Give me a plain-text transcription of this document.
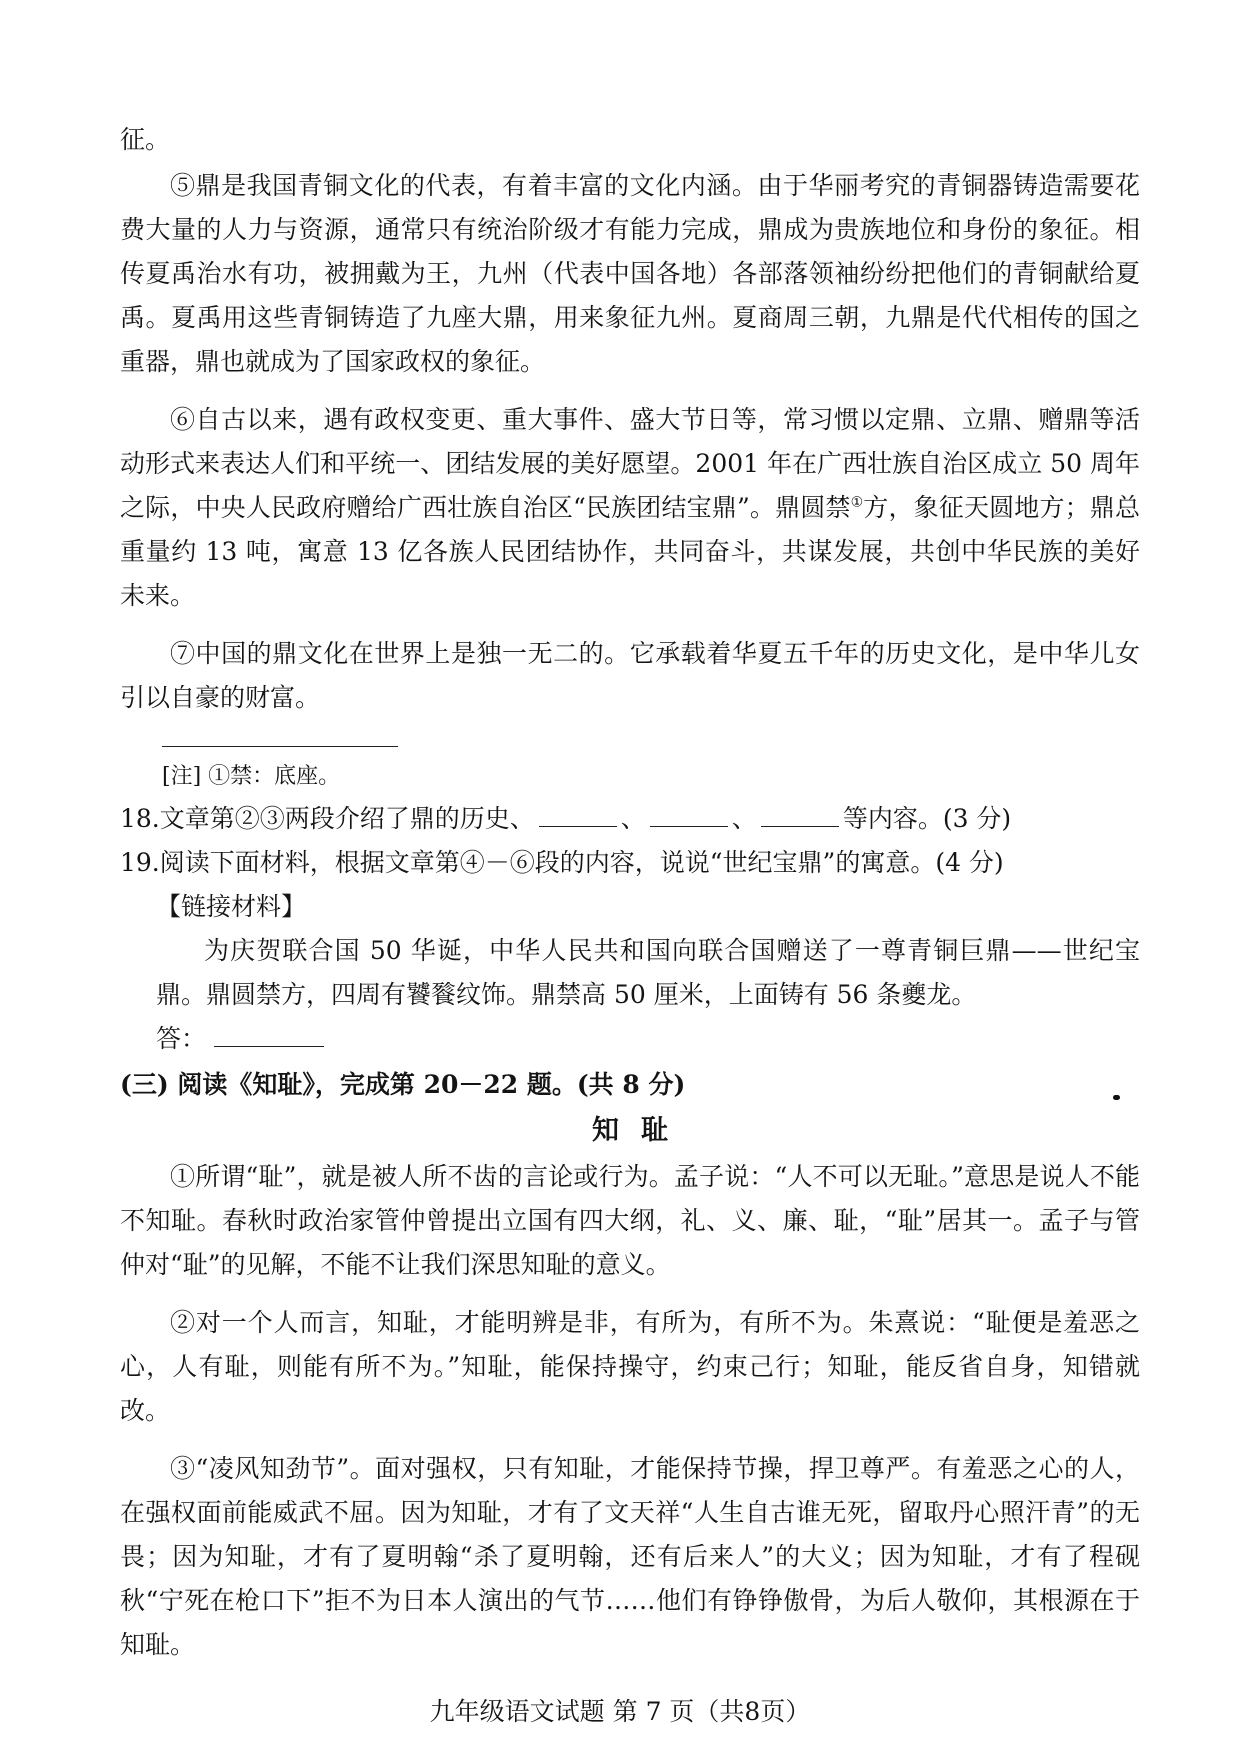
征。

⑤鼎是我国青铜文化的代表，有着丰富的文化内涵。由于华丽考究的青铜器铸造需要花费大量的人力与资源，通常只有统治阶级才有能力完成，鼎成为贵族地位和身份的象征。相传夏禹治水有功，被拥戴为王，九州（代表中国各地）各部落领袖纷纷把他们的青铜献给夏禹。夏禹用这些青铜铸造了九座大鼎，用来象征九州。夏商周三朝，九鼎是代代相传的国之重器，鼎也就成为了国家政权的象征。

⑥自古以来，遇有政权变更、重大事件、盛大节日等，常习惯以定鼎、立鼎、赠鼎等活动形式来表达人们和平统一、团结发展的美好愿望。2001 年在广西壮族自治区成立 50 周年之际，中央人民政府赠给广西壮族自治区“民族团结宝鼎”。鼎圆禁①方，象征天圆地方；鼎总重量约 13 吨，寓意 13 亿各族人民团结协作，共同奋斗，共谋发展，共创中华民族的美好未来。

⑦中国的鼎文化在世界上是独一无二的。它承载着华夏五千年的历史文化，是中华儿女引以自豪的财富。

[注] ①禁：底座。

18.文章第②③两段介绍了鼎的历史、	、	、	等内容。(3 分)

19.阅读下面材料，根据文章第④－⑥段的内容，说说“世纪宝鼎”的寓意。(4 分)

【链接材料】

为庆贺联合国 50 华诞，中华人民共和国向联合国赠送了一尊青铜巨鼎——世纪宝鼎。鼎圆禁方，四周有饕餮纹饰。鼎禁高 50 厘米，上面铸有 56 条夔龙。

答：

(三) 阅读《知耻》，完成第 20－22 题。(共 8 分)

知耻

①所谓“耻”，就是被人所不齿的言论或行为。孟子说：“人不可以无耻。”意思是说人不能不知耻。春秋时政治家管仲曾提出立国有四大纲，礼、义、廉、耻，“耻”居其一。孟子与管仲对“耻”的见解，不能不让我们深思知耻的意义。

②对一个人而言，知耻，才能明辨是非，有所为，有所不为。朱熹说：“耻便是羞恶之心，人有耻，则能有所不为。”知耻，能保持操守，约束己行；知耻，能反省自身，知错就改。

③“凌风知劲节”。面对强权，只有知耻，才能保持节操，捍卫尊严。有羞恶之心的人，在强权面前能威武不屈。因为知耻，才有了文天祥“人生自古谁无死，留取丹心照汗青”的无畏；因为知耻，才有了夏明翰“杀了夏明翰，还有后来人”的大义；因为知耻，才有了程砚秋“宁死在枪口下”拒不为日本人演出的气节……他们有铮铮傲骨，为后人敬仰，其根源在于知耻。

九年级语文试题 第 7 页（共8页）
